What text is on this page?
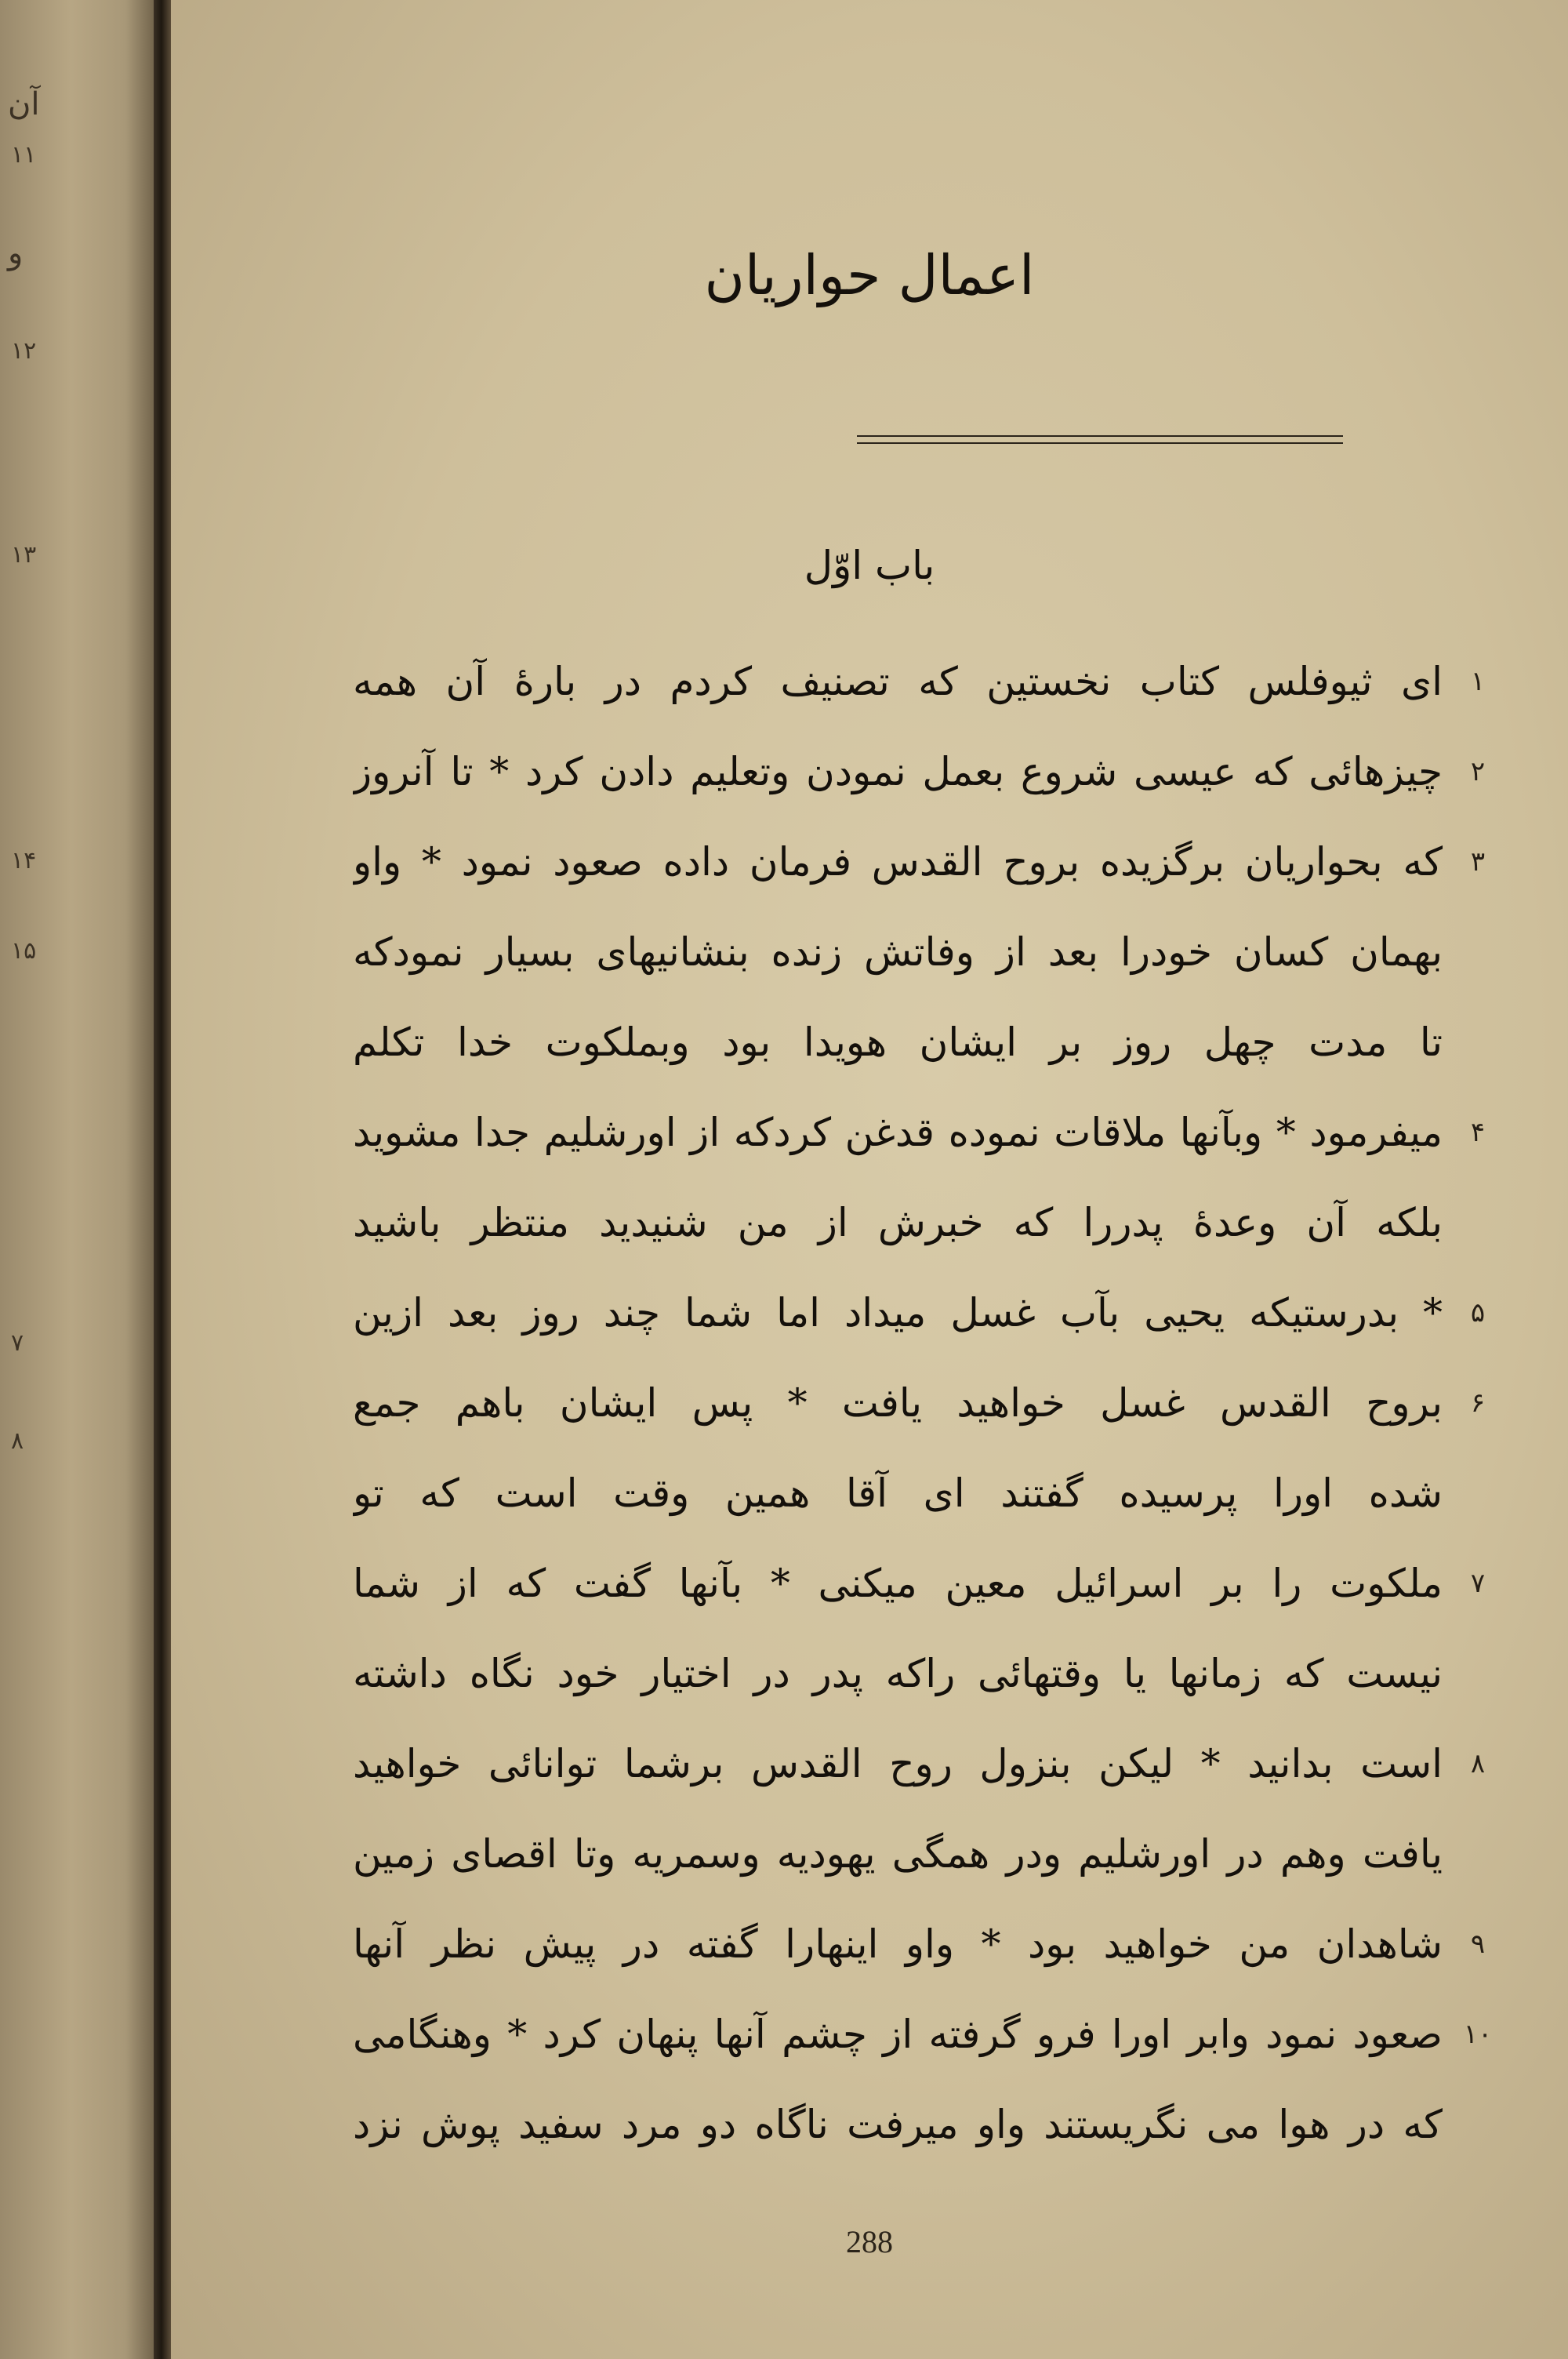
آن
۱۱
و
۱۲
۱۳
۱۴
۱۵
۷
۸
اعمال حواریان
باب اوّل
288
۱
ای ثیوفلس کتاب نخستین که تصنیف کردم در بارهٔ آن همه
۲
چیزهائی که عیسی شروع بعمل نمودن وتعلیم دادن کرد * تا آنروز
۳
که بحواریان برگزیده بروح القدس فرمان داده صعود نمود * واو
بهمان کسان خودرا بعد از وفاتش زنده بنشانیهای بسیار نمودکه
تا مدت چهل روز بر ایشان هویدا بود وبملکوت خدا تکلم
۴
میفرمود * وبآنها ملاقات نموده قدغن کردکه از اورشلیم جدا مشوید
بلکه آن وعدهٔ پدررا که خبرش از من شنیدید منتظر باشید
۵
* بدرستیکه یحیی بآب غسل میداد اما شما چند روز بعد ازین
۶
بروح القدس غسل خواهید یافت * پس ایشان باهم جمع
شده اورا پرسیده گفتند ای آقا همین وقت است که تو
۷
ملکوت را بر اسرائیل معین میکنی * بآنها گفت که از شما
نیست که زمانها یا وقتهائی راکه پدر در اختیار خود نگاه داشته
۸
است بدانید * لیکن بنزول روح القدس برشما توانائی خواهید
یافت وهم در اورشلیم ودر همگی یهودیه وسمریه وتا اقصای زمین
۹
شاهدان من خواهید بود * واو اینهارا گفته در پیش نظر آنها
۱۰
صعود نمود وابر اورا فرو گرفته از چشم آنها پنهان کرد * وهنگامی
که در هوا می نگریستند واو میرفت ناگاه دو مرد سفید پوش نزد
